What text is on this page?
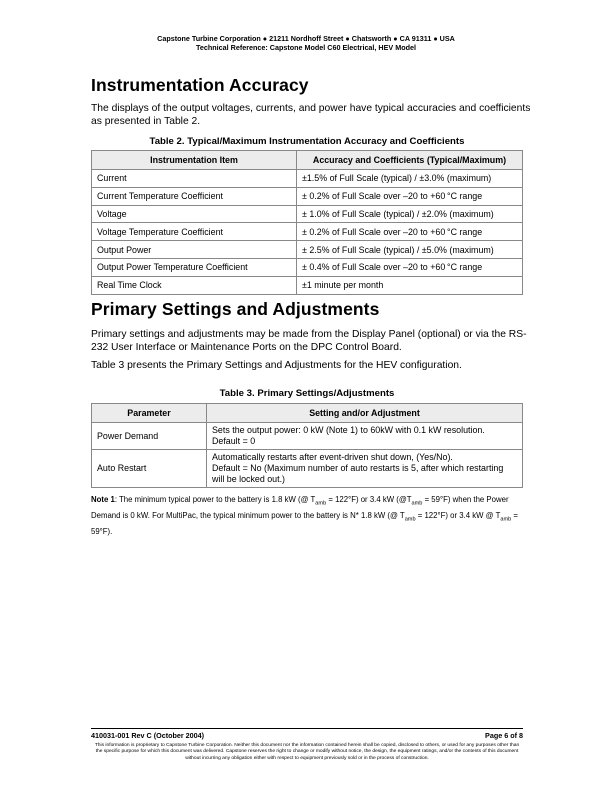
Capstone Turbine Corporation ● 21211 Nordhoff Street ● Chatsworth ● CA 91311 ● USA
Technical Reference: Capstone Model C60 Electrical, HEV Model
Instrumentation Accuracy

The displays of the output voltages, currents, and power have typical accuracies and coefficients as presented in Table 2.

Table 2. Typical/Maximum Instrumentation Accuracy and Coefficients
Instrumentation Item	Accuracy and Coefficients (Typical/Maximum)
Current	±1.5% of Full Scale (typical) / ±3.0% (maximum)
Current Temperature Coefficient	± 0.2% of Full Scale over –20 to +60 °C range
Voltage	± 1.0% of Full Scale (typical) / ±2.0% (maximum)
Voltage Temperature Coefficient	± 0.2% of Full Scale over –20 to +60 °C range
Output Power	± 2.5% of Full Scale (typical) / ±5.0% (maximum)
Output Power Temperature Coefficient	± 0.4% of Full Scale over –20 to +60 °C range
Real Time Clock	±1 minute per month
Primary Settings and Adjustments

Primary settings and adjustments may be made from the Display Panel (optional) or via the RS-232 User Interface or Maintenance Ports on the DPC Control Board.

Table 3 presents the Primary Settings and Adjustments for the HEV configuration.

Table 3. Primary Settings/Adjustments
Parameter	Setting and/or Adjustment
Power Demand	Sets the output power: 0 kW (Note 1) to 60kW with 0.1 kW resolution.
Default = 0

Auto Restart	Automatically restarts after event-driven shut down, (Yes/No).
Default = No (Maximum number of auto restarts is 5, after which restarting will be locked out.)
Note 1: The minimum typical power to the battery is 1.8 kW (@ $T_{amb} = 122^\circ F$) or 3.4 kW $(@T_{amb} = 59^\circ F)$ when the Power Demand is 0 kW. For MultiPac, the typical minimum power to the battery is N* 1.8 kW (@ $T_{amb} = 122^\circ F$) or 3.4 kW @ $T_{amb} = 59^\circ F$).
410031-001 Rev C (October 2004)	Page 6 of 8
This information is proprietary to Capstone Turbine Corporation. Neither this document nor the information contained herein shall be copied, disclosed to others, or used for any purposes other than the specific purpose for which this document was delivered. Capstone reserves the right to change or modify without notice, the design, the equipment ratings, and/or the contents of this document without incurring any obligation either with respect to equipment previously sold or in the process of construction.
